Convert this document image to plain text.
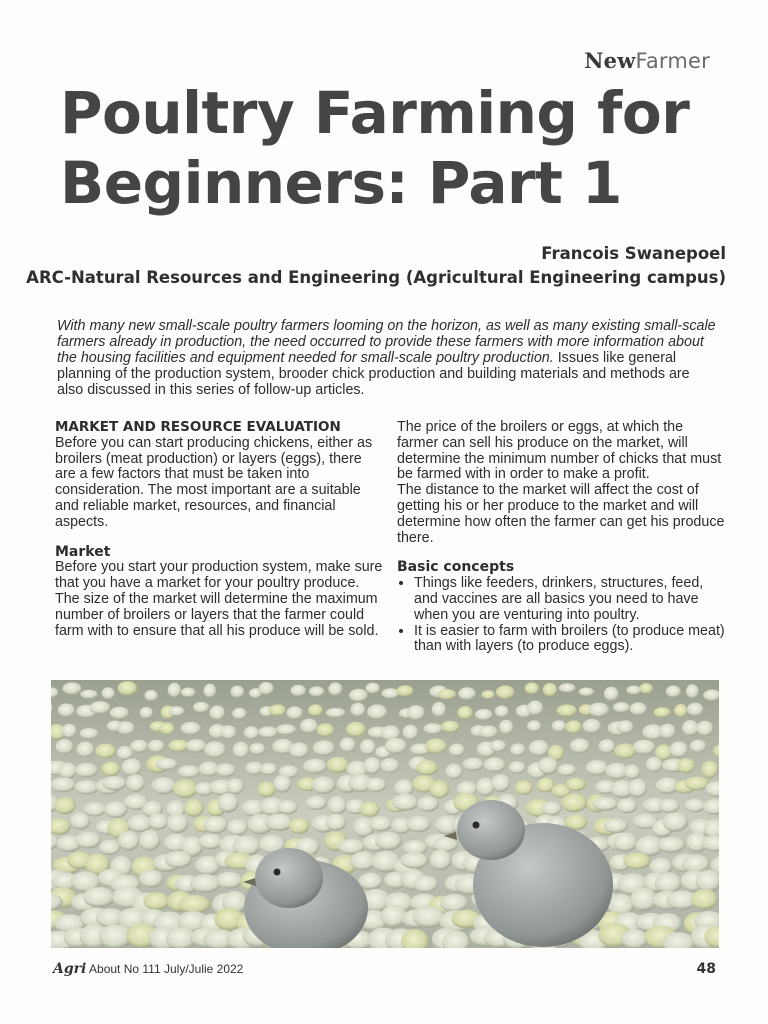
NewFarmer
Poultry Farming for Beginners: Part 1
Francois Swanepoel
ARC-Natural Resources and Engineering (Agricultural Engineering campus)
With many new small-scale poultry farmers looming on the horizon, as well as many existing small-scale farmers already in production, the need occurred to provide these farmers with more information about the housing facilities and equipment needed for small-scale poultry production. Issues like general planning of the production system, brooder chick production and building materials and methods are also discussed in this series of follow-up articles.
MARKET AND RESOURCE EVALUATION

Before you can start producing chickens, either as broilers (meat production) or layers (eggs), there are a few factors that must be taken into consideration. The most important are a suitable and reliable market, resources, and financial aspects.

Market

Before you start your production system, make sure that you have a market for your poultry produce. The size of the market will determine the maximum number of broilers or layers that the farmer could farm with to ensure that all his produce will be sold.

The price of the broilers or eggs, at which the farmer can sell his produce on the market, will determine the minimum number of chicks that must be farmed with in order to make a profit.

The distance to the market will affect the cost of getting his or her produce to the market and will determine how often the farmer can get his produce there.

Basic concepts
• Things like feeders, drinkers, structures, feed, and vaccines are all basics you need to have when you are venturing into poultry.
• It is easier to farm with broilers (to produce meat) than with layers (to produce eggs).
Agri About No 111 July/Julie 2022	48
